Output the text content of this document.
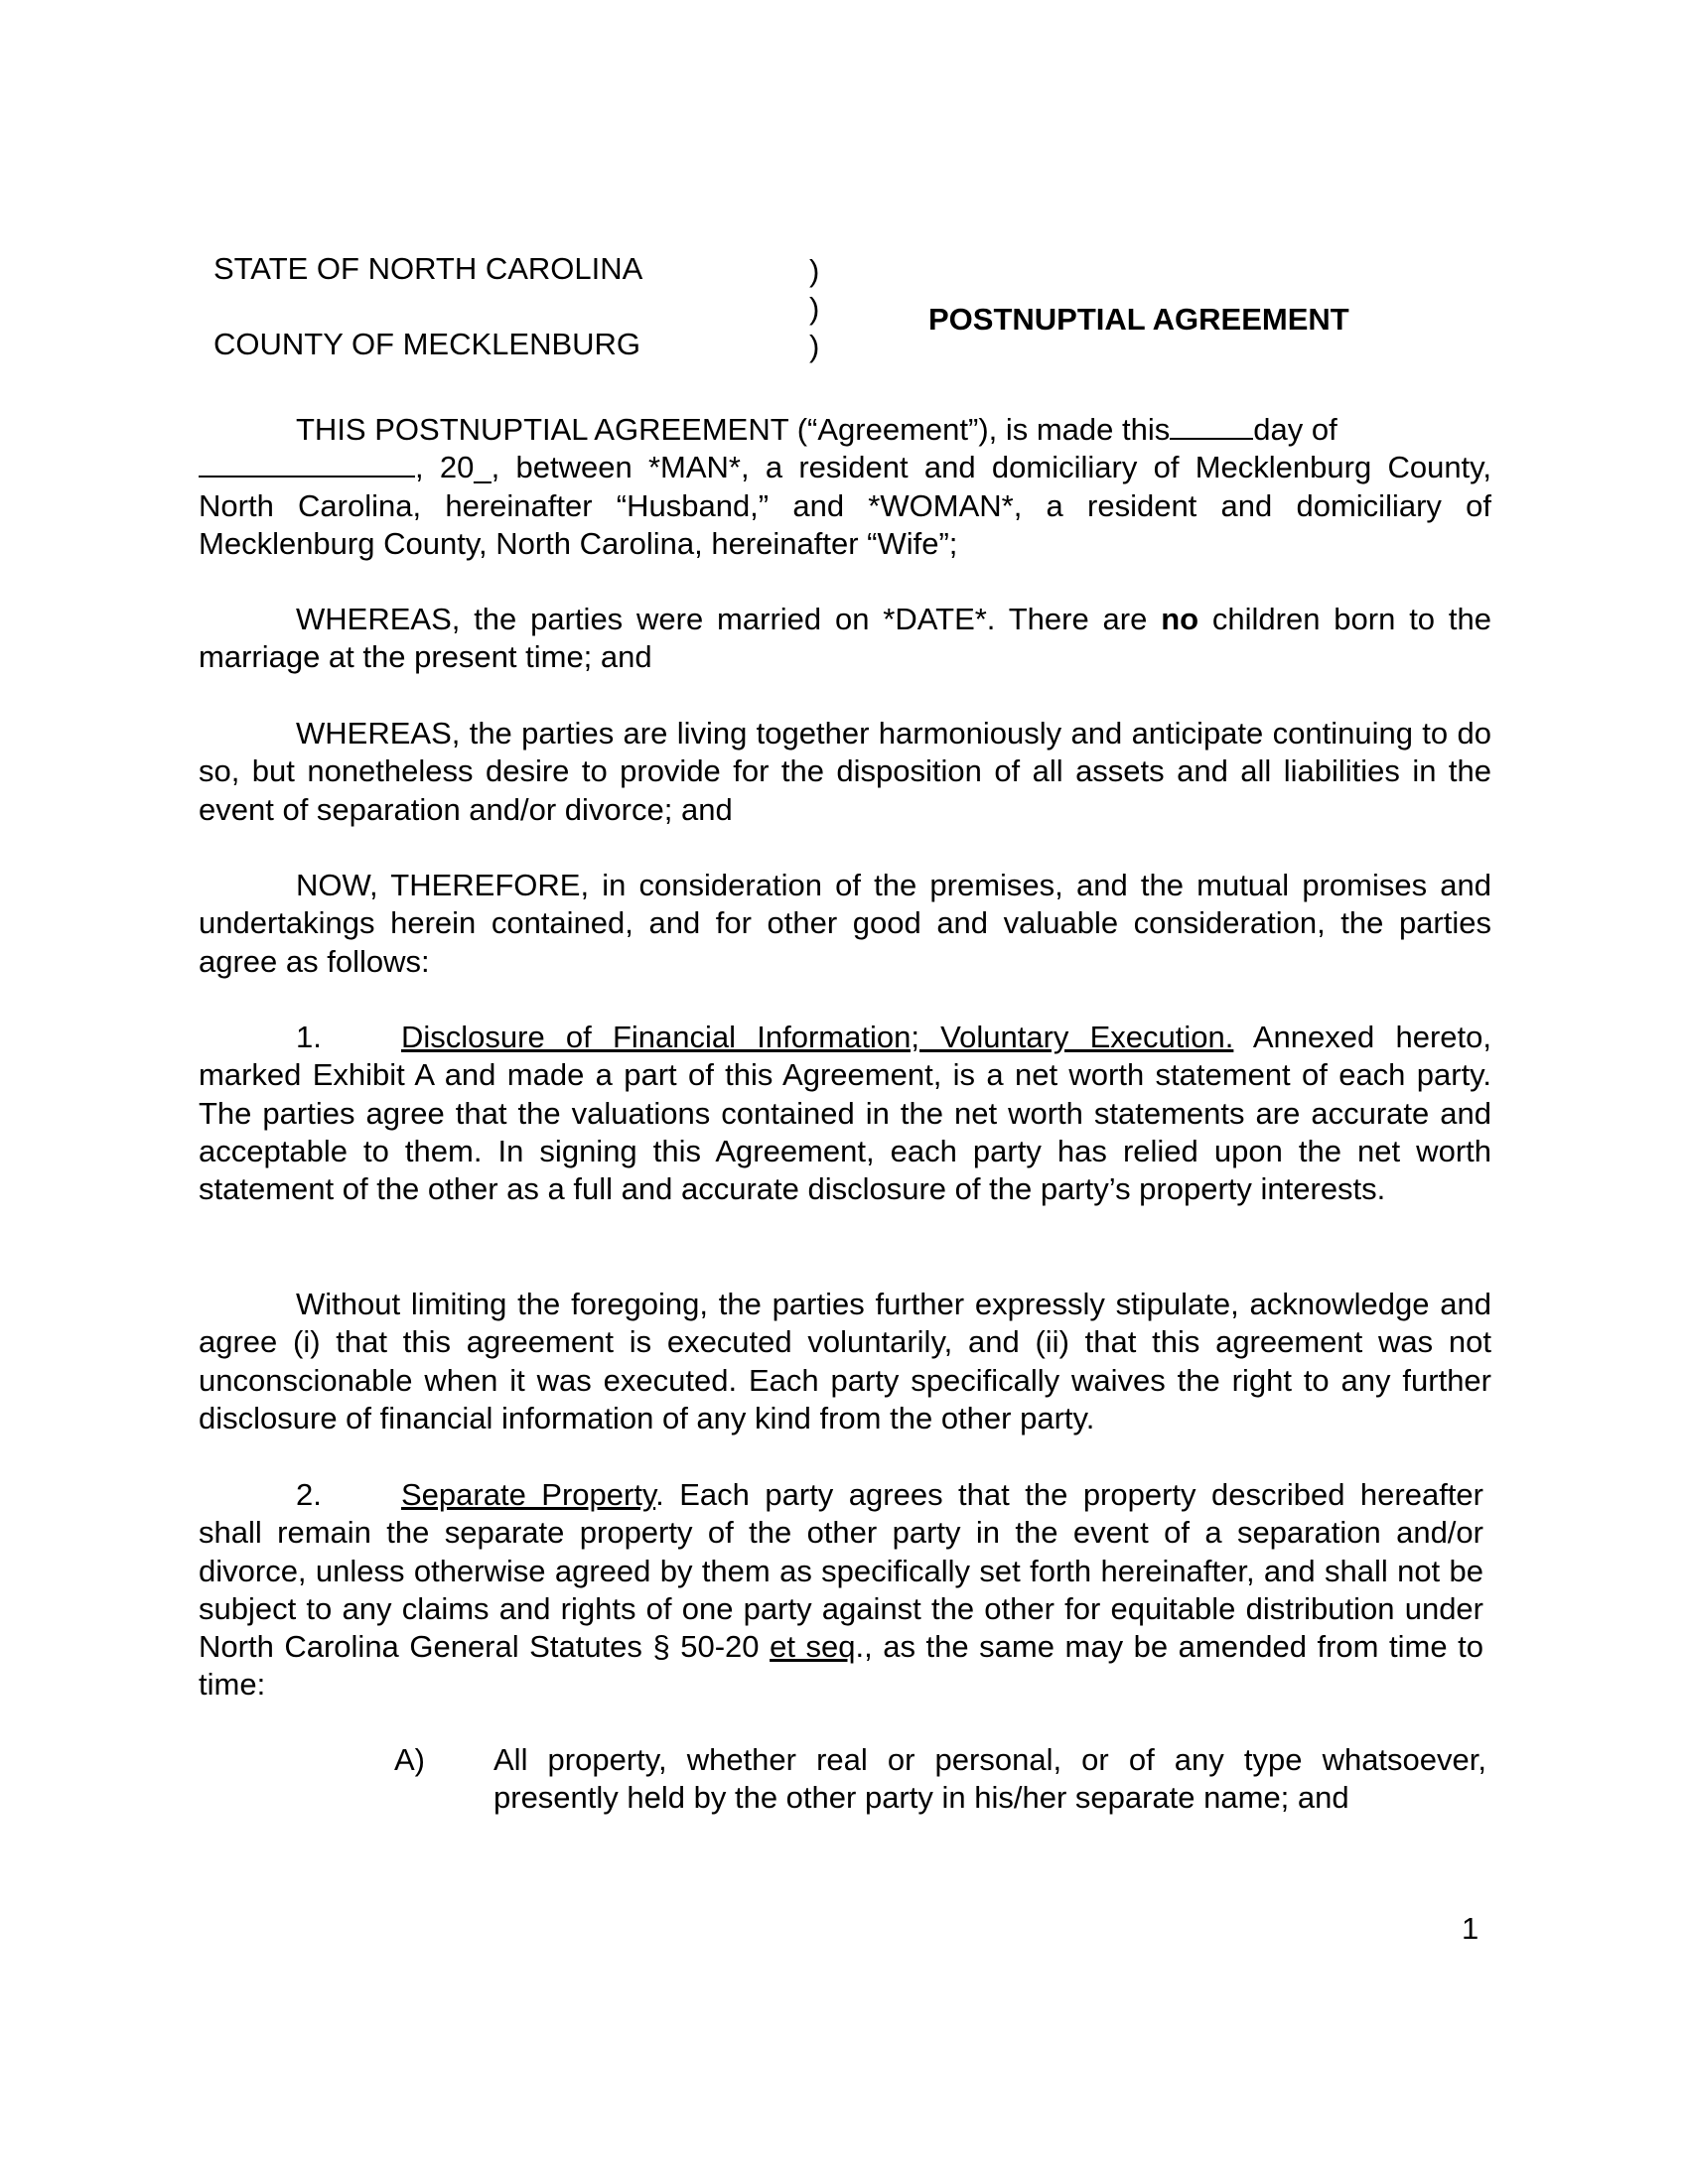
STATE OF NORTH CAROLINA
COUNTY OF MECKLENBURG
)
)
)
POSTNUPTIAL AGREEMENT

THIS POSTNUPTIAL AGREEMENT (“Agreement”), is made this	day of
, 20_, between *MAN*, a resident and domiciliary of Mecklenburg County, North Carolina, hereinafter “Husband,” and *WOMAN*, a resident and domiciliary of Mecklenburg County, North Carolina, hereinafter “Wife”;

WHEREAS, the parties were married on *DATE*. There are no children born to the marriage at the present time; and

WHEREAS, the parties are living together harmoniously and anticipate continuing to do so, but nonetheless desire to provide for the disposition of all assets and all liabilities in the event of separation and/or divorce; and

NOW, THEREFORE, in consideration of the premises, and the mutual promises and undertakings herein contained, and for other good and valuable consideration, the parties agree as follows:

1.	Disclosure of Financial Information; Voluntary Execution. Annexed hereto, marked Exhibit A and made a part of this Agreement, is a net worth statement of each party. The parties agree that the valuations contained in the net worth statements are accurate and acceptable to them. In signing this Agreement, each party has relied upon the net worth statement of the other as a full and accurate disclosure of the party’s property interests.

Without limiting the foregoing, the parties further expressly stipulate, acknowledge and agree (i) that this agreement is executed voluntarily, and (ii) that this agreement was not unconscionable when it was executed. Each party specifically waives the right to any further disclosure of financial information of any kind from the other party.

2.	Separate Property. Each party agrees that the property described hereafter shall remain the separate property of the other party in the event of a separation and/or divorce, unless otherwise agreed by them as specifically set forth hereinafter, and shall not be subject to any claims and rights of one party against the other for equitable distribution under North Carolina General Statutes § 50-20 et seq., as the same may be amended from time to time:

A) All property, whether real or personal, or of any type whatsoever, presently held by the other party in his/her separate name; and
1
